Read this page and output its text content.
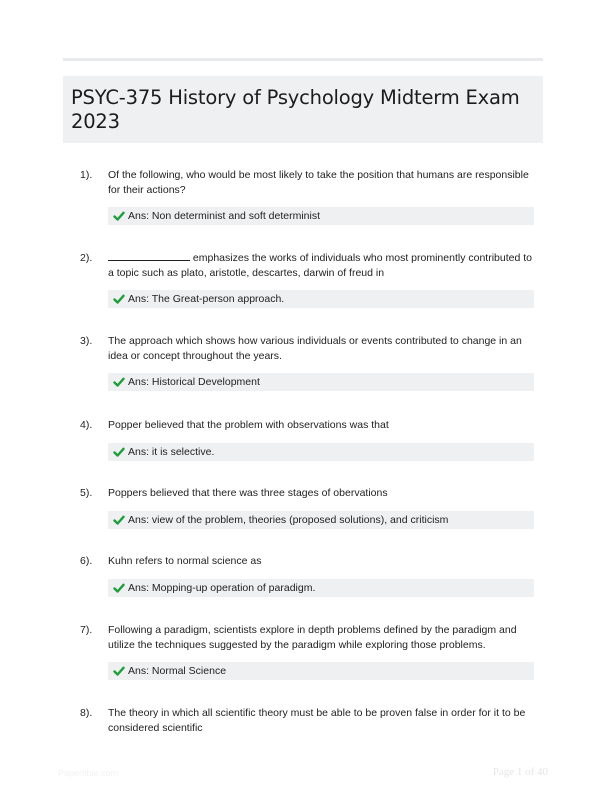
PSYC-375 History of Psychology Midterm Exam 2023
1).	Of the following, who would be most likely to take the position that humans are responsible for their actions?
Ans: Non determinist and soft determinist
2).	emphasizes the works of individuals who most prominently contributed to a topic such as plato, aristotle, descartes, darwin of freud in
Ans: The Great-person approach.
3).	The approach which shows how various individuals or events contributed to change in an idea or concept throughout the years.
Ans: Historical Development
4).	Popper believed that the problem with observations was that
Ans: it is selective.
5).	Poppers believed that there was three stages of obervations
Ans: view of the problem, theories (proposed solutions), and criticism
6).	Kuhn refers to normal science as
Ans: Mopping-up operation of paradigm.
7).	Following a paradigm, scientists explore in depth problems defined by the paradigm and utilize the techniques suggested by the paradigm while exploring those problems.
Ans: Normal Science
8).	The theory in which all scientific theory must be able to be proven false in order for it to be considered scientific
Papertible.com	Page 1 of 40
